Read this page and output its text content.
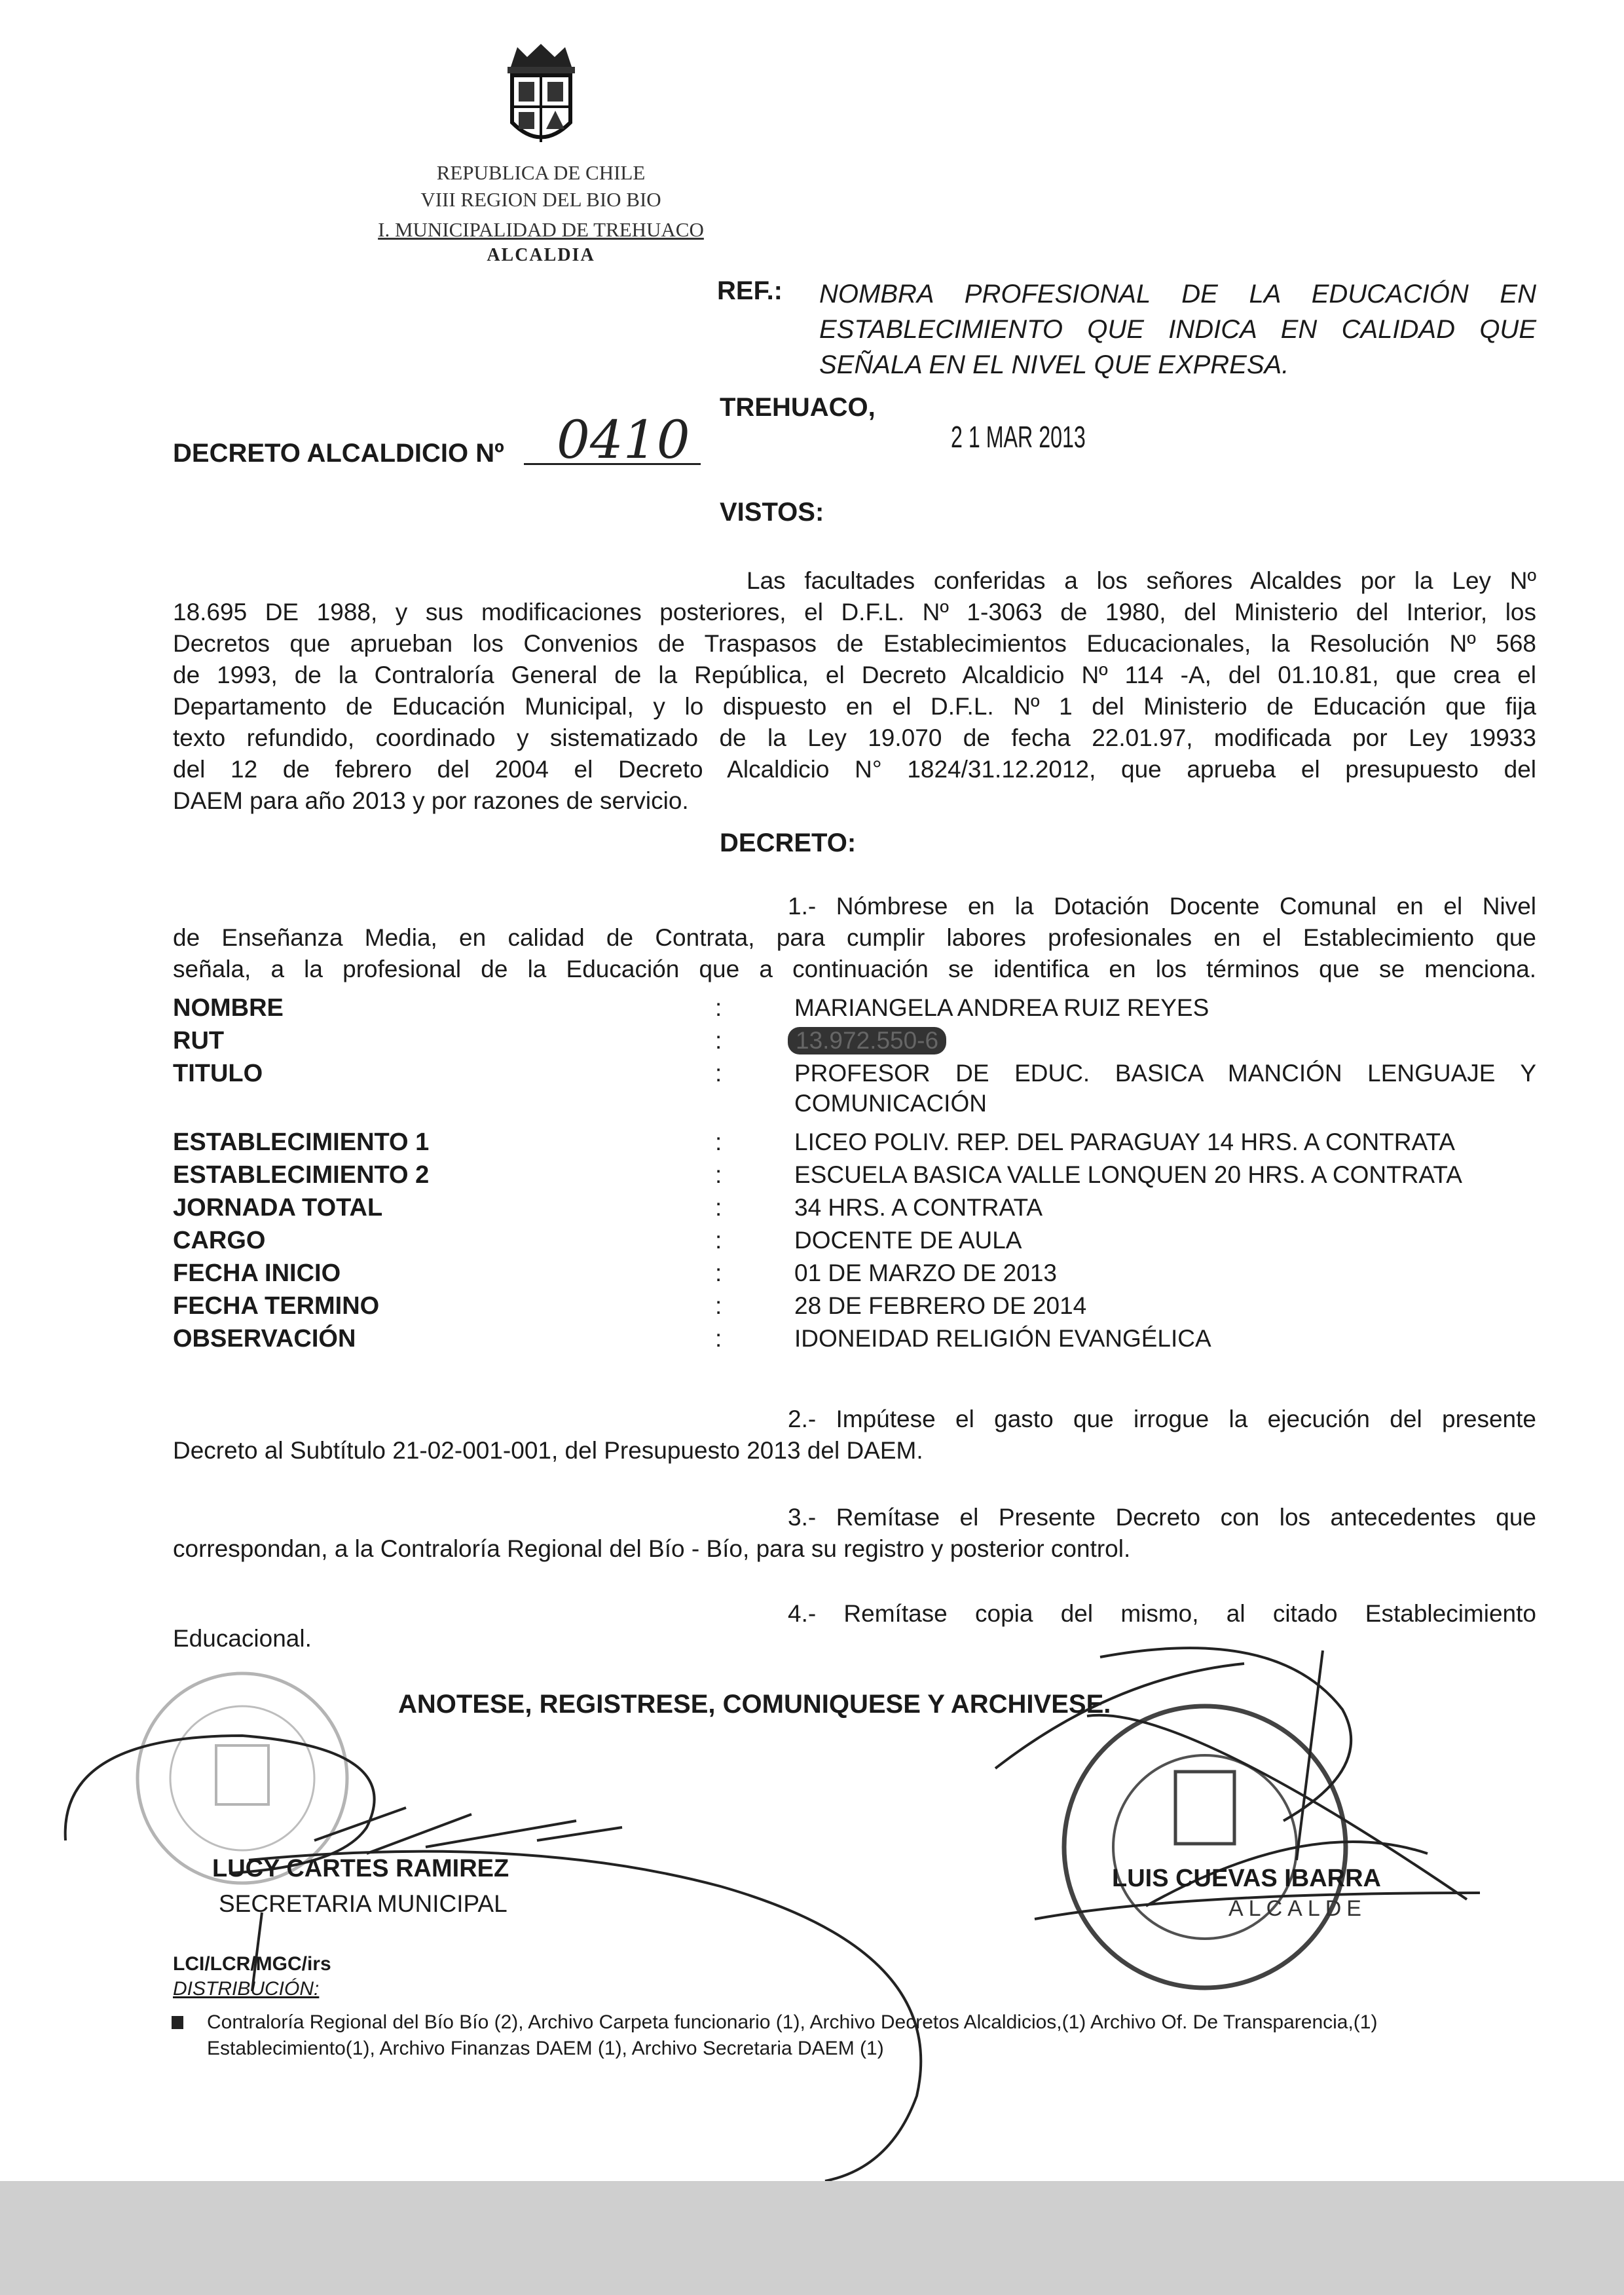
REPUBLICA DE CHILE
VIII REGION DEL BIO BIO
I. MUNICIPALIDAD DE TREHUACO
ALCALDIA
REF.: NOMBRA PROFESIONAL DE LA EDUCACIÓN EN
ESTABLECIMIENTO QUE INDICA EN CALIDAD QUE
SEÑALA EN EL NIVEL QUE EXPRESA.
TREHUACO,
2 1 MAR 2013
DECRETO ALCALDICIO Nº 0410
VISTOS:
Las facultades conferidas a los señores Alcaldes por la Ley Nº
18.695 DE 1988, y sus modificaciones posteriores, el D.F.L. Nº 1-3063 de 1980, del Ministerio del Interior, los
Decretos que aprueban los Convenios de Traspasos de Establecimientos Educacionales, la Resolución Nº 568
de 1993, de la Contraloría General de la República, el Decreto Alcaldicio Nº 114 -A, del 01.10.81, que crea el
Departamento de Educación Municipal, y lo dispuesto en el D.F.L. Nº 1 del Ministerio de Educación que fija
texto refundido, coordinado y sistematizado de la Ley 19.070 de fecha 22.01.97, modificada por Ley 19933
del 12 de febrero del 2004 el Decreto Alcaldicio N° 1824/31.12.2012, que aprueba el presupuesto del
DAEM para año 2013 y por razones de servicio.
DECRETO:
1.- Nómbrese en la Dotación Docente Comunal en el Nivel
de Enseñanza Media, en calidad de Contrata, para cumplir labores profesionales en el Establecimiento que
señala, a la profesional de la Educación que a continuación se identifica en los términos que se menciona.
NOMBRE	:	MARIANGELA ANDREA RUIZ REYES
RUT	:	13.972.550-6
TITULO	:	PROFESOR DE EDUC. BASICA MANCIÓN LENGUAJE Y
COMUNICACIÓN
ESTABLECIMIENTO 1	:	LICEO POLIV. REP. DEL PARAGUAY 14 HRS. A CONTRATA
ESTABLECIMIENTO 2	:	ESCUELA BASICA VALLE LONQUEN 20 HRS. A CONTRATA
JORNADA TOTAL	:	34 HRS. A CONTRATA
CARGO	:	DOCENTE DE AULA
FECHA INICIO	:	01 DE MARZO DE 2013
FECHA TERMINO	:	28 DE FEBRERO DE 2014
OBSERVACIÓN	:	IDONEIDAD RELIGIÓN EVANGÉLICA
2.- Impútese el gasto que irrogue la ejecución del presente
Decreto al Subtítulo 21-02-001-001, del Presupuesto 2013 del DAEM.
3.- Remítase el Presente Decreto con los antecedentes que
correspondan, a la Contraloría Regional del Bío - Bío, para su registro y posterior control.
4.- Remítase copia del mismo, al citado Establecimiento
Educacional.
ANOTESE, REGISTRESE, COMUNIQUESE Y ARCHIVESE.
LUCY CARTES RAMIREZ
SECRETARIA MUNICIPAL
LUIS CUEVAS IBARRA
ALCALDE
LCI/LCR/MGC/irs
DISTRIBUCIÓN:
Contraloría Regional del Bío Bío (2), Archivo Carpeta funcionario (1), Archivo Decretos Alcaldicios,(1) Archivo Of. De Transparencia,(1)
Establecimiento(1), Archivo Finanzas DAEM (1), Archivo Secretaria DAEM (1)
